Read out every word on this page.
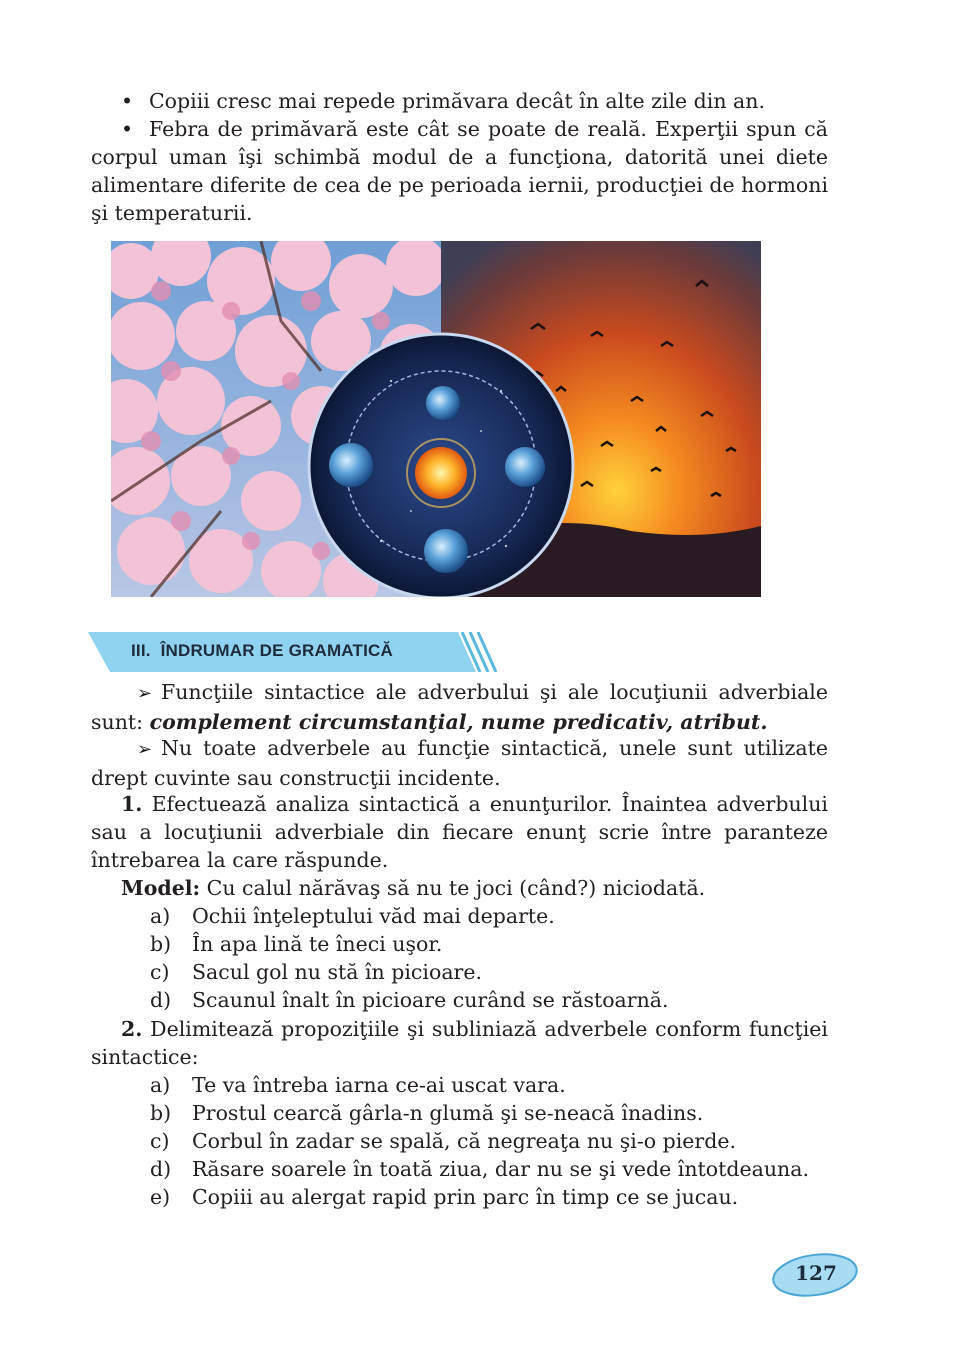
• Copiii cresc mai repede primăvara decât în alte zile din an.
• Febra de primăvară este cât se poate de reală. Experţii spun că corpul uman îşi schimbă modul de a funcţiona, datorită unei diete alimentare diferite de cea de pe perioada iernii, producţiei de hormoni şi temperaturii.
III. ÎNDRUMAR DE GRAMATICĂ
➢ Funcţiile sintactice ale adverbului şi ale locuţiunii adverbiale sunt: complement circumstanţial, nume predicativ, atribut.
➢ Nu toate adverbele au funcţie sintactică, unele sunt utilizate drept cuvinte sau construcţii incidente.
1. Efectuează analiza sintactică a enunţurilor. Înaintea adverbului sau a locuţiunii adverbiale din fiecare enunţ scrie între paranteze întrebarea la care răspunde.
Model: Cu calul nărăvaş să nu te joci (când?) niciodată.
a) Ochii înţeleptului văd mai departe.
b) În apa lină te îneci uşor.
c) Sacul gol nu stă în picioare.
d) Scaunul înalt în picioare curând se răstoarnă.
2. Delimitează propoziţiile şi subliniază adverbele conform funcţiei sintactice:
a) Te va întreba iarna ce-ai uscat vara.
b) Prostul cearcă gârla-n glumă şi se-neacă înadins.
c) Corbul în zadar se spală, că negreaţa nu şi-o pierde.
d) Răsare soarele în toată ziua, dar nu se şi vede întotdeauna.
e) Copiii au alergat rapid prin parc în timp ce se jucau.
127
